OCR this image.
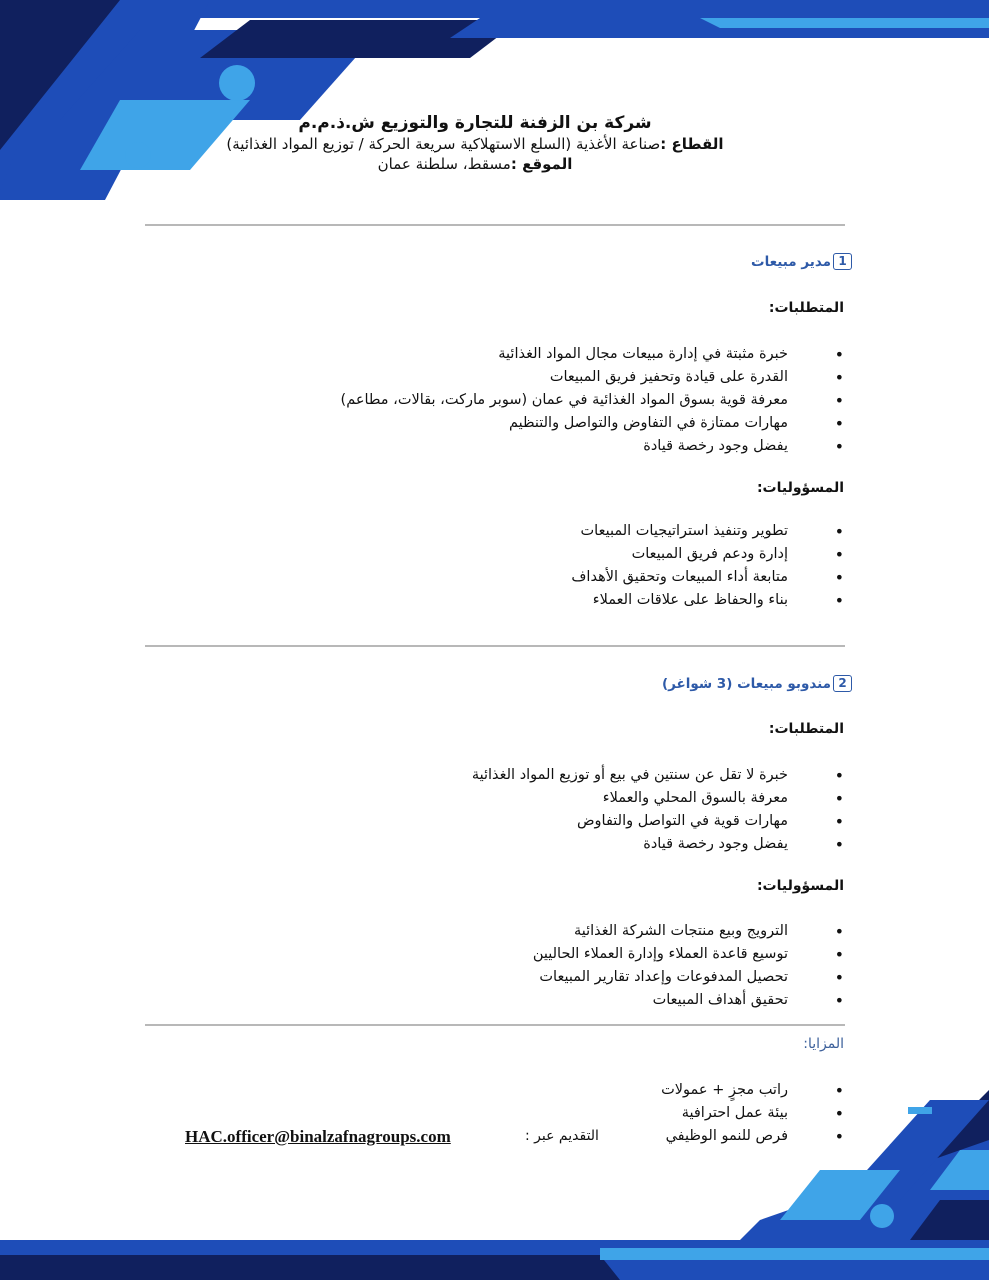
شركة بن الزفنة للتجارة والتوزيع ش.ذ.م.م

القطاع :صناعة الأغذية (السلع الاستهلاكية سريعة الحركة / توزيع المواد الغذائية)

الموقع :مسقط، سلطنة عمان

1
مدير مبيعات
المتطلبات:
• خبرة مثبتة في إدارة مبيعات مجال المواد الغذائية
• القدرة على قيادة وتحفيز فريق المبيعات
• معرفة قوية بسوق المواد الغذائية في عمان (سوبر ماركت، بقالات، مطاعم)
• مهارات ممتازة في التفاوض والتواصل والتنظيم
• يفضل وجود رخصة قيادة
المسؤوليات:
• تطوير وتنفيذ استراتيجيات المبيعات
• إدارة ودعم فريق المبيعات
• متابعة أداء المبيعات وتحقيق الأهداف
• بناء والحفاظ على علاقات العملاء
2
مندوبو مبيعات (3 شواغر)
المتطلبات:
• خبرة لا تقل عن سنتين في بيع أو توزيع المواد الغذائية
• معرفة بالسوق المحلي والعملاء
• مهارات قوية في التواصل والتفاوض
• يفضل وجود رخصة قيادة
المسؤوليات:
• الترويج وبيع منتجات الشركة الغذائية
• توسيع قاعدة العملاء وإدارة العملاء الحاليين
• تحصيل المدفوعات وإعداد تقارير المبيعات
• تحقيق أهداف المبيعات
المزايا:
• راتب مجزٍ + عمولات
• بيئة عمل احترافية
• فرص للنمو الوظيفي
التقديم عبر :
HAC.officer@binalzafnagroups.com
